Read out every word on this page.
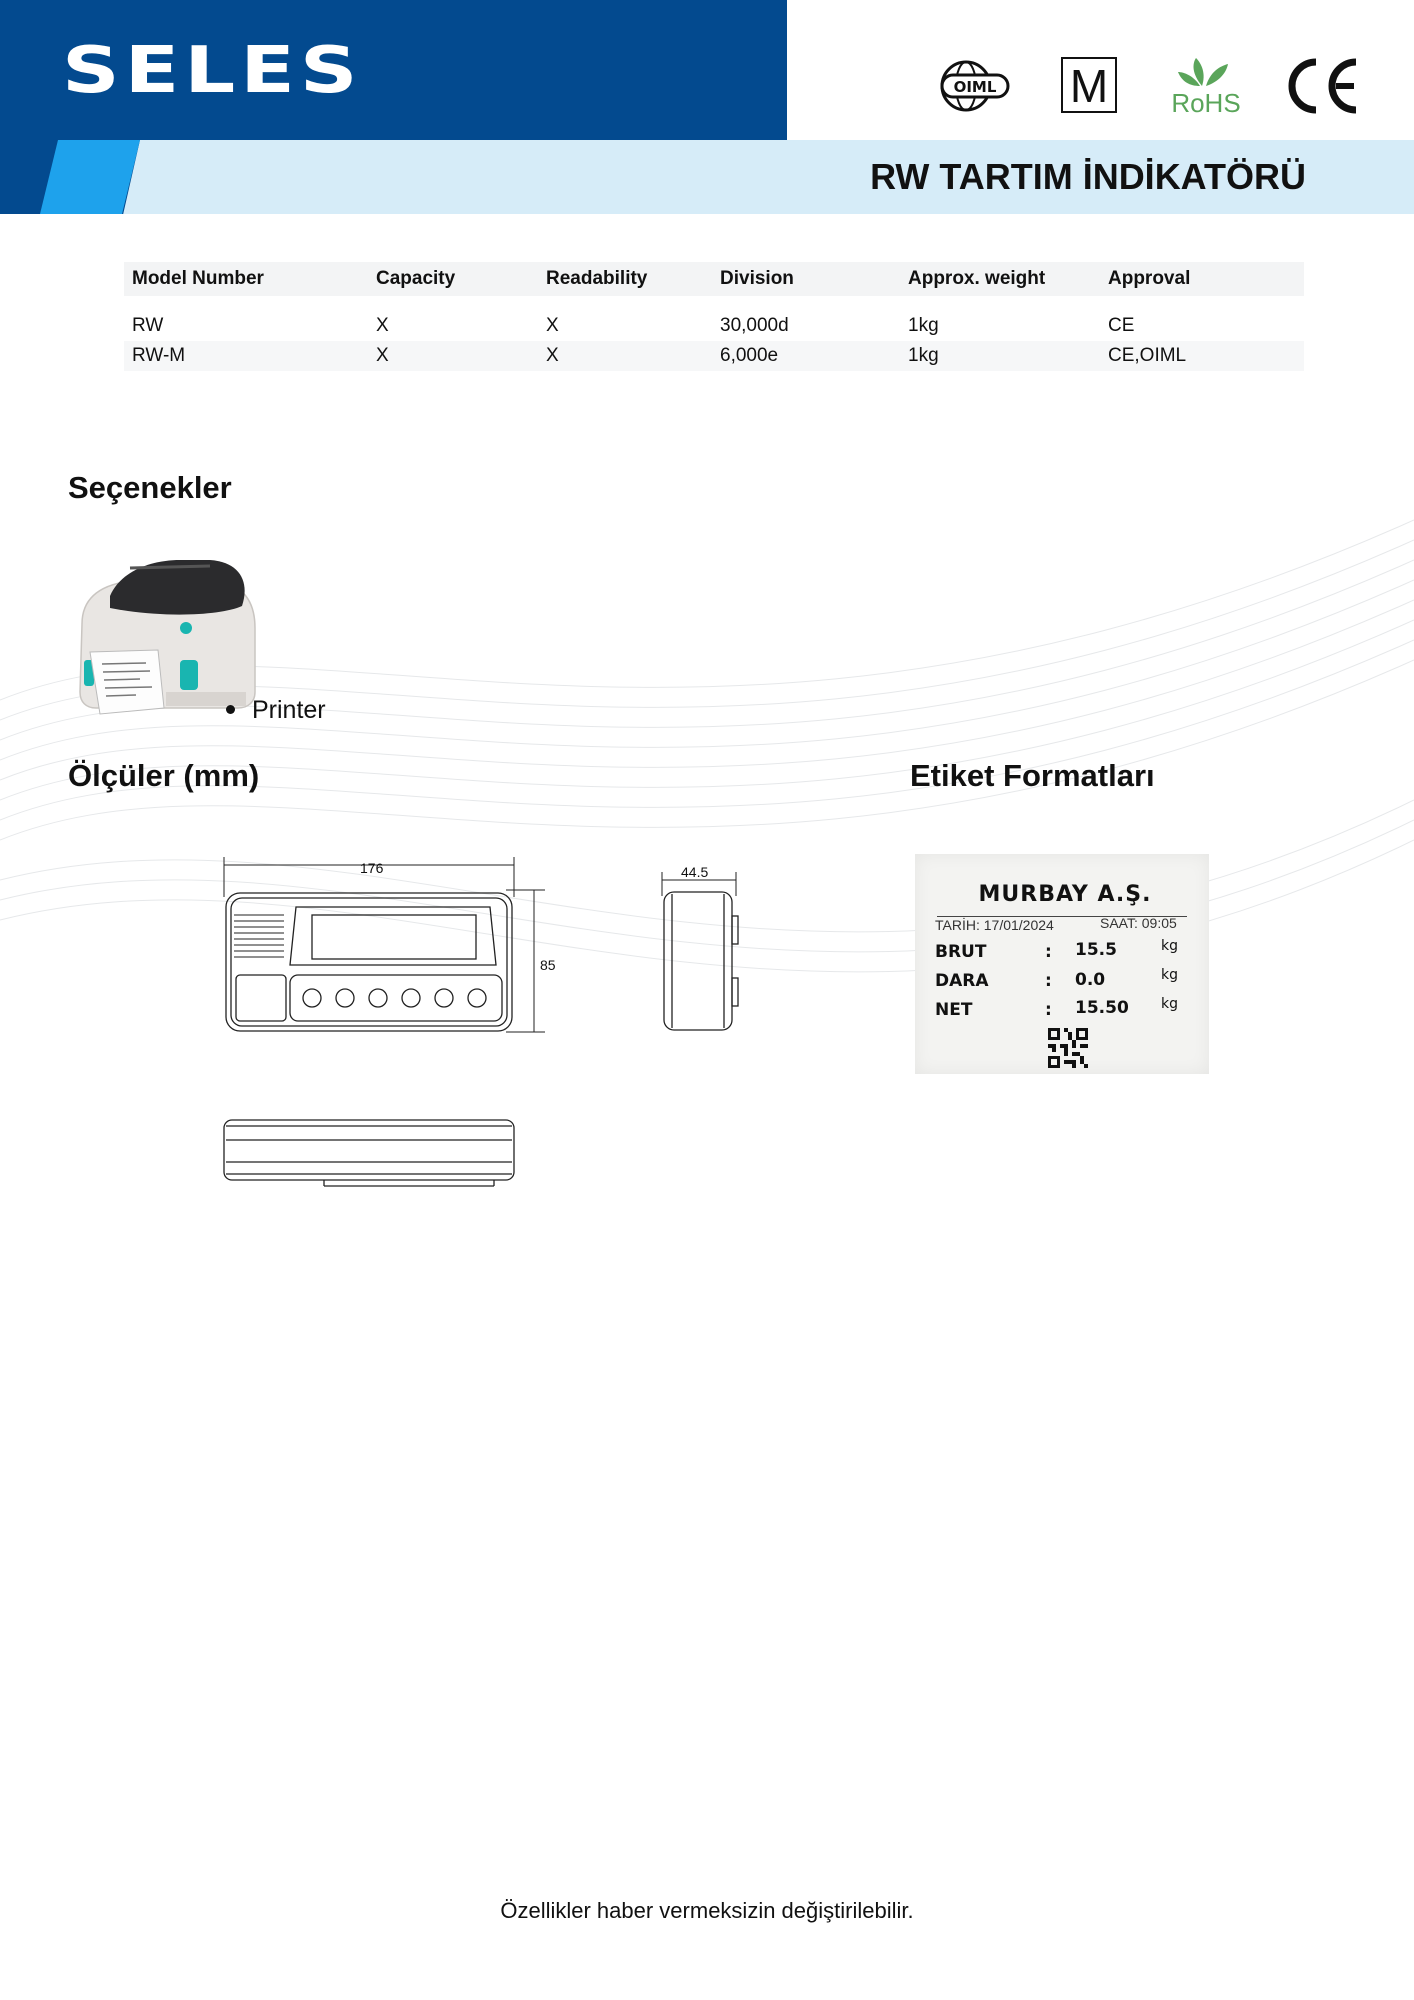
SELES	OIML M RoHS
RW TARTIM İNDİKATÖRÜ
Model Number	Capacity	Readability	Division	Approx. weight	Approval
RW	X	X	30,000d	1kg	CE
RW-M	X	X	6,000e	1kg	CE,OIML
Seçenekler
Printer
Ölçüler (mm)
176
85
44.5
Etiket Formatları
MURBAY A.Ş.
TARİH: 17/01/2024	SAAT: 09:05
BRUT	: 15.5	kg
DARA	: 0.0	kg
NET	: 15.50 kg
Özellikler haber vermeksizin değiştirilebilir.
